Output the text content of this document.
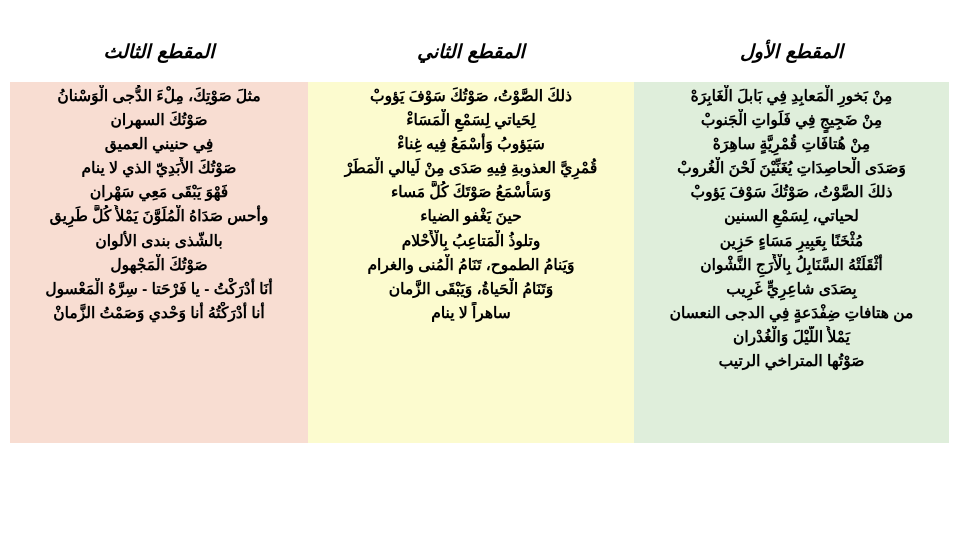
المقطع الأول
المقطع الثاني
المقطع الثالث
مِنْ بَخورِ الْمَعابِدِ فِي بَابلَ الْغَابِرَهْ
مِنْ ضَجِيجٍ فِي فَلَواتِ الْجَنوبْ
مِنْ هُتافَاتِ قُمْرِيَّةٍ ساهِرَهْ
وَصَدَى الْحاصِدَاتِ يُغَنِّيْنَ لَحْنَ الْغُروبْ
ذلكَ الصَّوْتُ، صَوْتُكَ سَوْفَ يَؤوبْ
لحياتي، لِسَمْعِ السنين
مُثْخَنًا بِعَبِيرِ مَسَاءٍ حَزِين
أَثْقَلَتْهُ السَّنَابِلُ بِالْأَرَجِ النَّشْوان
بِصَدَى شاعِرِيٍّ غَرِيب
من هتافاتِ ضِفْدَعةٍ فِي الدجى النعسان
يَمْلأُ اللَّيْلَ وَالْغُدْران
صَوْتُها المتراخي الرتيب
ذلكَ الصَّوْتُ، صَوْتُكَ سَوْفَ يَؤوبْ
لِحَياتي لِسَمْعِ الْمَسَاءْ
سَيَؤوبُ وَأَسْمَعُ فِيه غِناءْ
قُمْرِيَّ العذوبةِ فِيهِ صَدَى مِنْ لَيالي الْمَطَرْ
وَسَأَسْمَعُ صَوْتَكَ كُلَّ مَساء
حينَ يَغْفو الضياء
وتلوذُ الْمَتاعِبُ بِالْأَحْلام
وَيَنامُ الطموح، تَنَامُ الْمُنى والغرام
وَتَنَامُ الْحَياةُ، وَيَبْقَى الزَّمان
ساهراً لا ينام
مثلَ صَوْتِكَ، مِلْءَ الدُّجى الْوَسْنانُ
صَوْتُكَ السهران
فِي حنيني العميق
صَوْتُكَ الأَبَدِيّ الذي لا ينام
فَهْوَ يَبْقَى مَعِي سَهْران
وأحس صَدَاهُ الْمُلَوَّنَ يَمْلأُ كُلَّ طَرِيق
بالشّذى بندى الألوان
صَوْتُكَ الْمَجْهول
أَنَا أَدْرَكْتُ - يا فَرْحَتا - سِرَّهُ الْمَعْسول
أنا أَدْرَكْتُهُ أَنا وَحْدي وَصَمْتُ الزَّمانْ
